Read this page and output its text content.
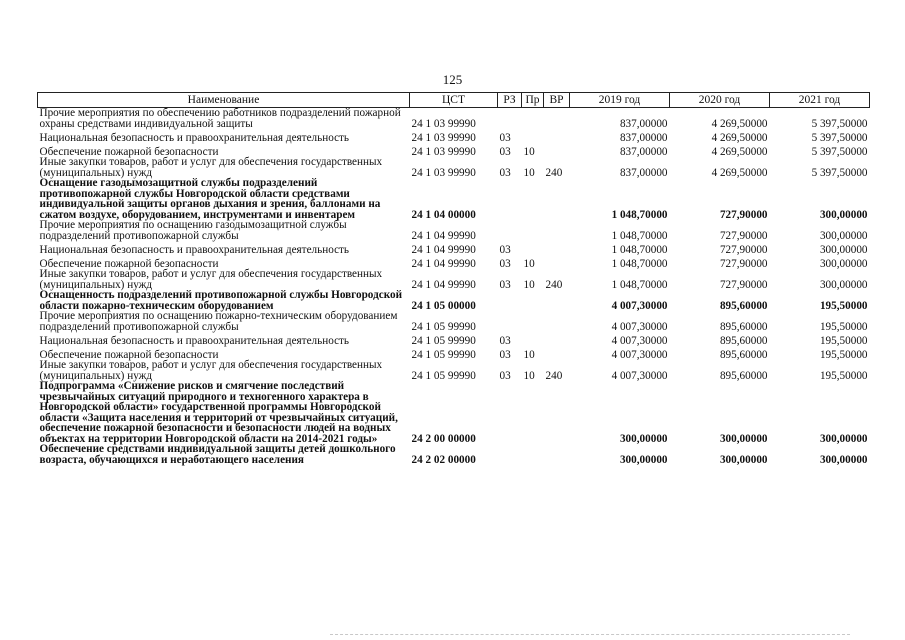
125
Наименование	ЦСТ	РЗ	Пр	ВР	2019 год	2020 год	2021 год
Прочие мероприятия по обеспечению работников подразделений пожарной охраны средствами индивидуальной защиты	24 1 03 99990				837,00000	4 269,50000	5 397,50000
Национальная безопасность и правоохранительная деятельность	24 1 03 99990	03			837,00000	4 269,50000	5 397,50000
Обеспечение пожарной безопасности	24 1 03 99990	03	10		837,00000	4 269,50000	5 397,50000
Иные закупки товаров, работ и услуг для обеспечения государственных (муниципальных) нужд	24 1 03 99990	03	10	240	837,00000	4 269,50000	5 397,50000
Оснащение газодымозащитной службы подразделений противопожарной службы Новгородской области средствами индивидуальной защиты органов дыхания и зрения, баллонами на сжатом воздухе, оборудованием, инструментами и инвентарем	24 1 04 00000				1 048,70000	727,90000	300,00000
Прочие мероприятия по оснащению газодымозащитной службы подразделений противопожарной службы	24 1 04 99990				1 048,70000	727,90000	300,00000
Национальная безопасность и правоохранительная деятельность	24 1 04 99990	03			1 048,70000	727,90000	300,00000
Обеспечение пожарной безопасности	24 1 04 99990	03	10		1 048,70000	727,90000	300,00000
Иные закупки товаров, работ и услуг для обеспечения государственных (муниципальных) нужд	24 1 04 99990	03	10	240	1 048,70000	727,90000	300,00000
Оснащенность подразделений противопожарной службы Новгородской области пожарно-техническим оборудованием	24 1 05 00000				4 007,30000	895,60000	195,50000
Прочие мероприятия по оснащению пожарно-техническим оборудованием подразделений противопожарной службы	24 1 05 99990				4 007,30000	895,60000	195,50000
Национальная безопасность и правоохранительная деятельность	24 1 05 99990	03			4 007,30000	895,60000	195,50000
Обеспечение пожарной безопасности	24 1 05 99990	03	10		4 007,30000	895,60000	195,50000
Иные закупки товаров, работ и услуг для обеспечения государственных (муниципальных) нужд	24 1 05 99990	03	10	240	4 007,30000	895,60000	195,50000
Подпрограмма «Снижение рисков и смягчение последствий чрезвычайных ситуаций природного и техногенного характера в Новгородской области» государственной программы Новгородской области «Защита населения и территорий от чрезвычайных ситуаций, обеспечение пожарной безопасности и безопасности людей на водных объектах на территории Новгородской области на 2014-2021 годы»	24 2 00 00000				300,00000	300,00000	300,00000
Обеспечение средствами индивидуальной защиты детей дошкольного возраста, обучающихся и неработающего населения	24 2 02 00000				300,00000	300,00000	300,00000
